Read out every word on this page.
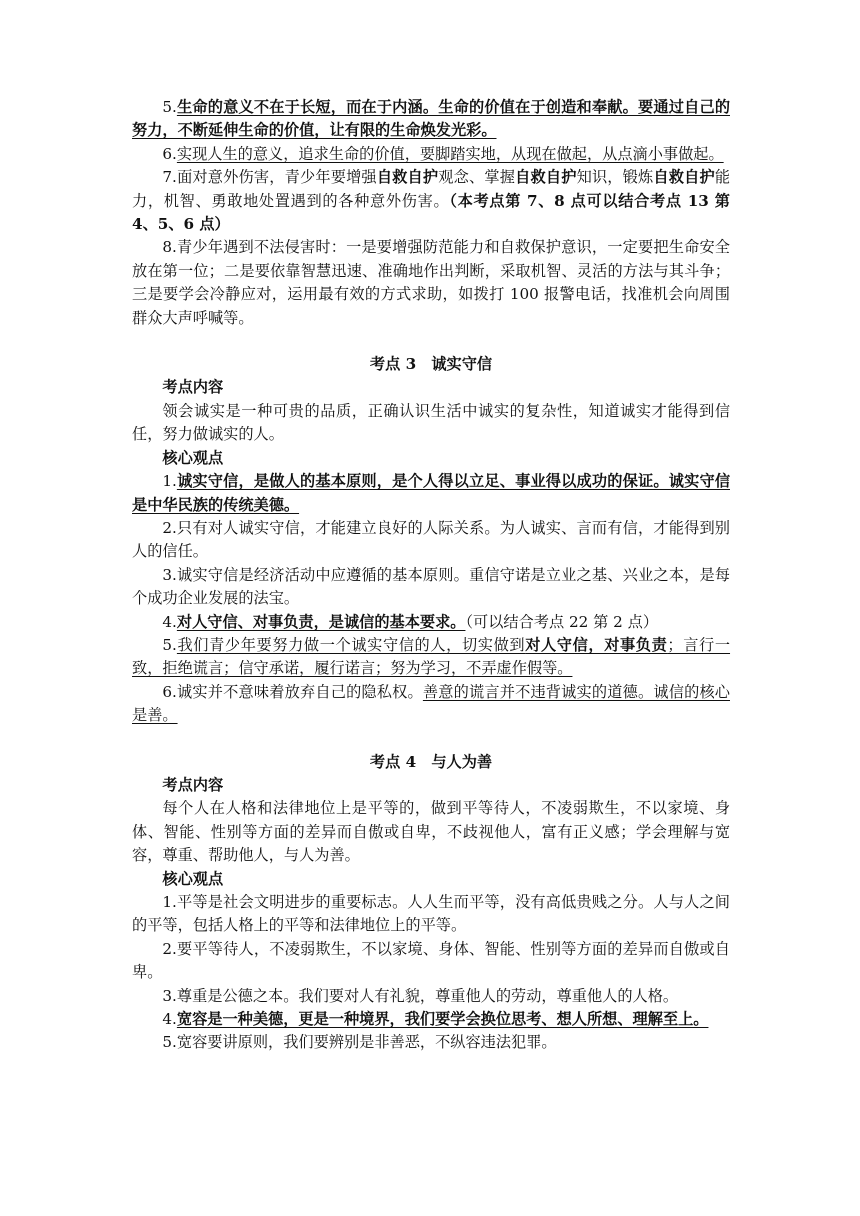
5.生命的意义不在于长短，而在于内涵。生命的价值在于创造和奉献。要通过自己的努力，不断延伸生命的价值，让有限的生命焕发光彩。

6.实现人生的意义，追求生命的价值，要脚踏实地，从现在做起，从点滴小事做起。

7.面对意外伤害，青少年要增强自救自护观念、掌握自救自护知识，锻炼自救自护能力，机智、勇敢地处置遇到的各种意外伤害。（本考点第 7、8 点可以结合考点 13 第 4、5、6 点）

8.青少年遇到不法侵害时：一是要增强防范能力和自救保护意识，一定要把生命安全放在第一位；二是要依靠智慧迅速、准确地作出判断，采取机智、灵活的方法与其斗争；三是要学会冷静应对，运用最有效的方式求助，如拨打 100 报警电话，找准机会向周围群众大声呼喊等。

考点 3　诚实守信

考点内容

领会诚实是一种可贵的品质，正确认识生活中诚实的复杂性，知道诚实才能得到信任，努力做诚实的人。

核心观点

1.诚实守信，是做人的基本原则，是个人得以立足、事业得以成功的保证。诚实守信是中华民族的传统美德。

2.只有对人诚实守信，才能建立良好的人际关系。为人诚实、言而有信，才能得到别人的信任。

3.诚实守信是经济活动中应遵循的基本原则。重信守诺是立业之基、兴业之本，是每个成功企业发展的法宝。

4.对人守信、对事负责，是诚信的基本要求。（可以结合考点 22 第 2 点）

5.我们青少年要努力做一个诚实守信的人，切实做到对人守信，对事负责；言行一致，拒绝谎言；信守承诺，履行诺言；努为学习，不弄虚作假等。

6.诚实并不意味着放弃自己的隐私权。善意的谎言并不违背诚实的道德。诚信的核心是善。

考点 4　与人为善

考点内容

每个人在人格和法律地位上是平等的，做到平等待人，不凌弱欺生，不以家境、身体、智能、性别等方面的差异而自傲或自卑，不歧视他人，富有正义感；学会理解与宽容，尊重、帮助他人，与人为善。

核心观点

1.平等是社会文明进步的重要标志。人人生而平等，没有高低贵贱之分。人与人之间的平等，包括人格上的平等和法律地位上的平等。

2.要平等待人，不凌弱欺生，不以家境、身体、智能、性别等方面的差异而自傲或自卑。

3.尊重是公德之本。我们要对人有礼貌，尊重他人的劳动，尊重他人的人格。

4.宽容是一种美德，更是一种境界，我们要学会换位思考、想人所想、理解至上。

5.宽容要讲原则，我们要辨别是非善恶，不纵容违法犯罪。
